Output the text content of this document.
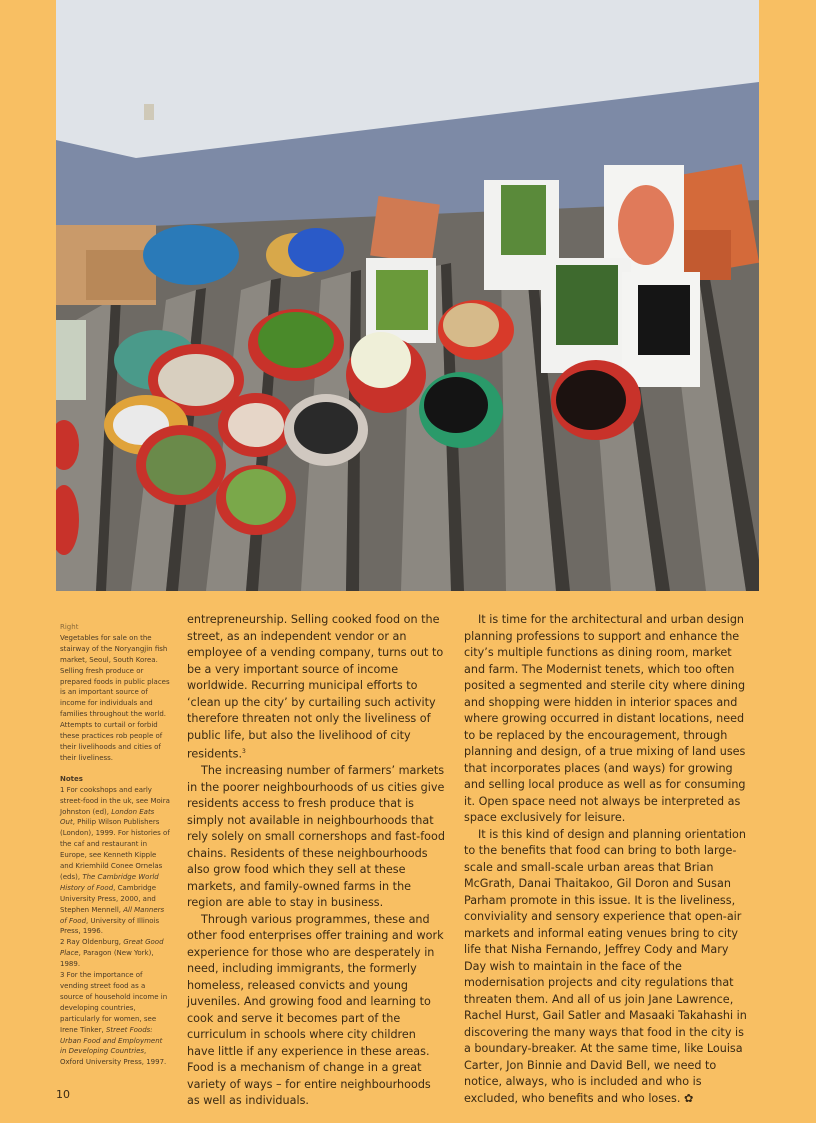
Right

Vegetables for sale on the stairway of the Noryangjin fish market, Seoul, South Korea. Selling fresh produce or prepared foods in public places is an important source of income for individuals and families throughout the world. Attempts to curtail or forbid these practices rob people of their livelihoods and cities of their liveliness.

Notes

1 For cookshops and early street-food in the uk, see Moira Johnston (ed), London Eats Out, Philip Wilson Publishers (London), 1999. For histories of the caf and restaurant in Europe, see Kenneth Kipple and Kriemhild Conee Ornelas (eds), The Cambridge World History of Food, Cambridge University Press, 2000, and Stephen Mennell, All Manners of Food, University of Illinois Press, 1996.

2 Ray Oldenburg, Great Good Place, Paragon (New York), 1989.

3 For the importance of vending street food as a source of household income in developing countries, particularly for women, see Irene Tinker, Street Foods: Urban Food and Employment in Developing Countries, Oxford University Press, 1997.

entrepreneurship. Selling cooked food on the street, as an independent vendor or an employee of a vending company, turns out to be a very important source of income worldwide. Recurring municipal efforts to ‘clean up the city’ by curtailing such activity therefore threaten not only the liveliness of public life, but also the livelihood of city residents.$^3$

The increasing number of farmers’ markets in the poorer neighbourhoods of us cities give residents access to fresh produce that is simply not available in neighbourhoods that rely solely on small cornershops and fast-food chains. Residents of these neighbourhoods also grow food which they sell at these markets, and family-owned farms in the region are able to stay in business.

Through various programmes, these and other food enterprises offer training and work experience for those who are desperately in need, including immigrants, the formerly homeless, released convicts and young juveniles. And growing food and learning to cook and serve it becomes part of the curriculum in schools where city children have little if any experience in these areas. Food is a mechanism of change in a great variety of ways – for entire neighbourhoods as well as individuals.

It is time for the architectural and urban design planning professions to support and enhance the city’s multiple functions as dining room, market and farm. The Modernist tenets, which too often posited a segmented and sterile city where dining and shopping were hidden in interior spaces and where growing occurred in distant locations, need to be replaced by the encouragement, through planning and design, of a true mixing of land uses that incorporates places (and ways) for growing and selling local produce as well as for consuming it. Open space need not always be interpreted as space exclusively for leisure.

It is this kind of design and planning orientation to the benefits that food can bring to both large-scale and small-scale urban areas that Brian McGrath, Danai Thaitakoo, Gil Doron and Susan Parham promote in this issue. It is the liveliness, conviviality and sensory experience that open-air markets and informal eating venues bring to city life that Nisha Fernando, Jeffrey Cody and Mary Day wish to maintain in the face of the modernisation projects and city regulations that threaten them. And all of us join Jane Lawrence, Rachel Hurst, Gail Satler and Masaaki Takahashi in discovering the many ways that food in the city is a boundary-breaker. At the same time, like Louisa Carter, Jon Binnie and David Bell, we need to notice, always, who is included and who is excluded, who benefits and who loses. ✿

10
